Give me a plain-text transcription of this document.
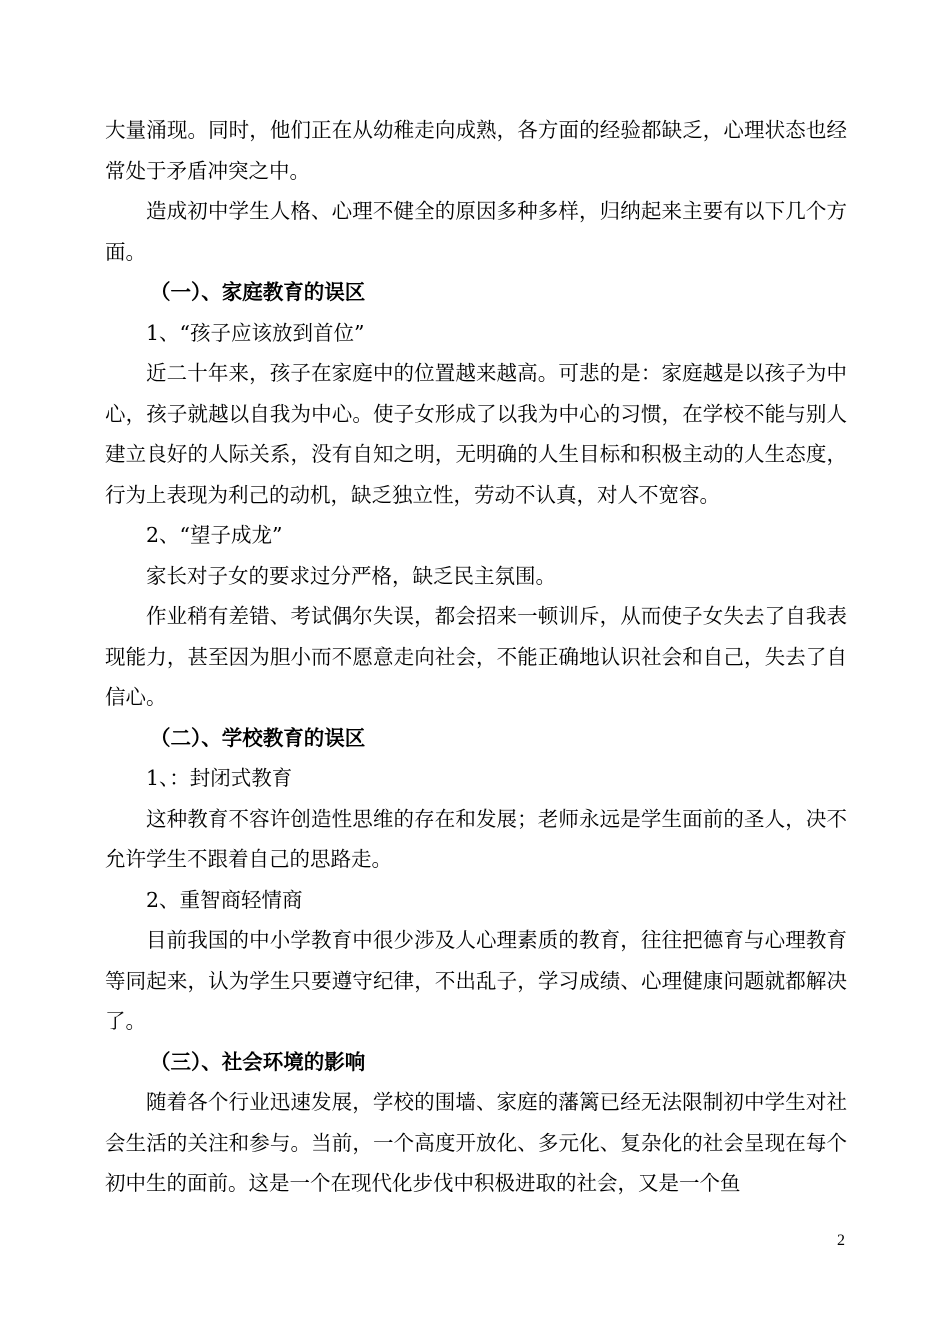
大量涌现。同时，他们正在从幼稚走向成熟，各方面的经验都缺乏，心理状态也经常处于矛盾冲突之中。

造成初中学生人格、心理不健全的原因多种多样，归纳起来主要有以下几个方面。

（一）、家庭教育的误区

1、“孩子应该放到首位”

近二十年来，孩子在家庭中的位置越来越高。可悲的是：家庭越是以孩子为中心，孩子就越以自我为中心。使子女形成了以我为中心的习惯，在学校不能与别人建立良好的人际关系，没有自知之明，无明确的人生目标和积极主动的人生态度，行为上表现为利己的动机，缺乏独立性，劳动不认真，对人不宽容。

2、“望子成龙”

家长对子女的要求过分严格，缺乏民主氛围。

作业稍有差错、考试偶尔失误，都会招来一顿训斥，从而使子女失去了自我表现能力，甚至因为胆小而不愿意走向社会，不能正确地认识社会和自己，失去了自信心。

（二）、学校教育的误区

1、：封闭式教育

这种教育不容许创造性思维的存在和发展；老师永远是学生面前的圣人，决不允许学生不跟着自己的思路走。

2、重智商轻情商

目前我国的中小学教育中很少涉及人心理素质的教育，往往把德育与心理教育等同起来，认为学生只要遵守纪律，不出乱子，学习成绩、心理健康问题就都解决了。

（三）、社会环境的影响

随着各个行业迅速发展，学校的围墙、家庭的藩篱已经无法限制初中学生对社会生活的关注和参与。当前，一个高度开放化、多元化、复杂化的社会呈现在每个初中生的面前。这是一个在现代化步伐中积极进取的社会，又是一个鱼

2
